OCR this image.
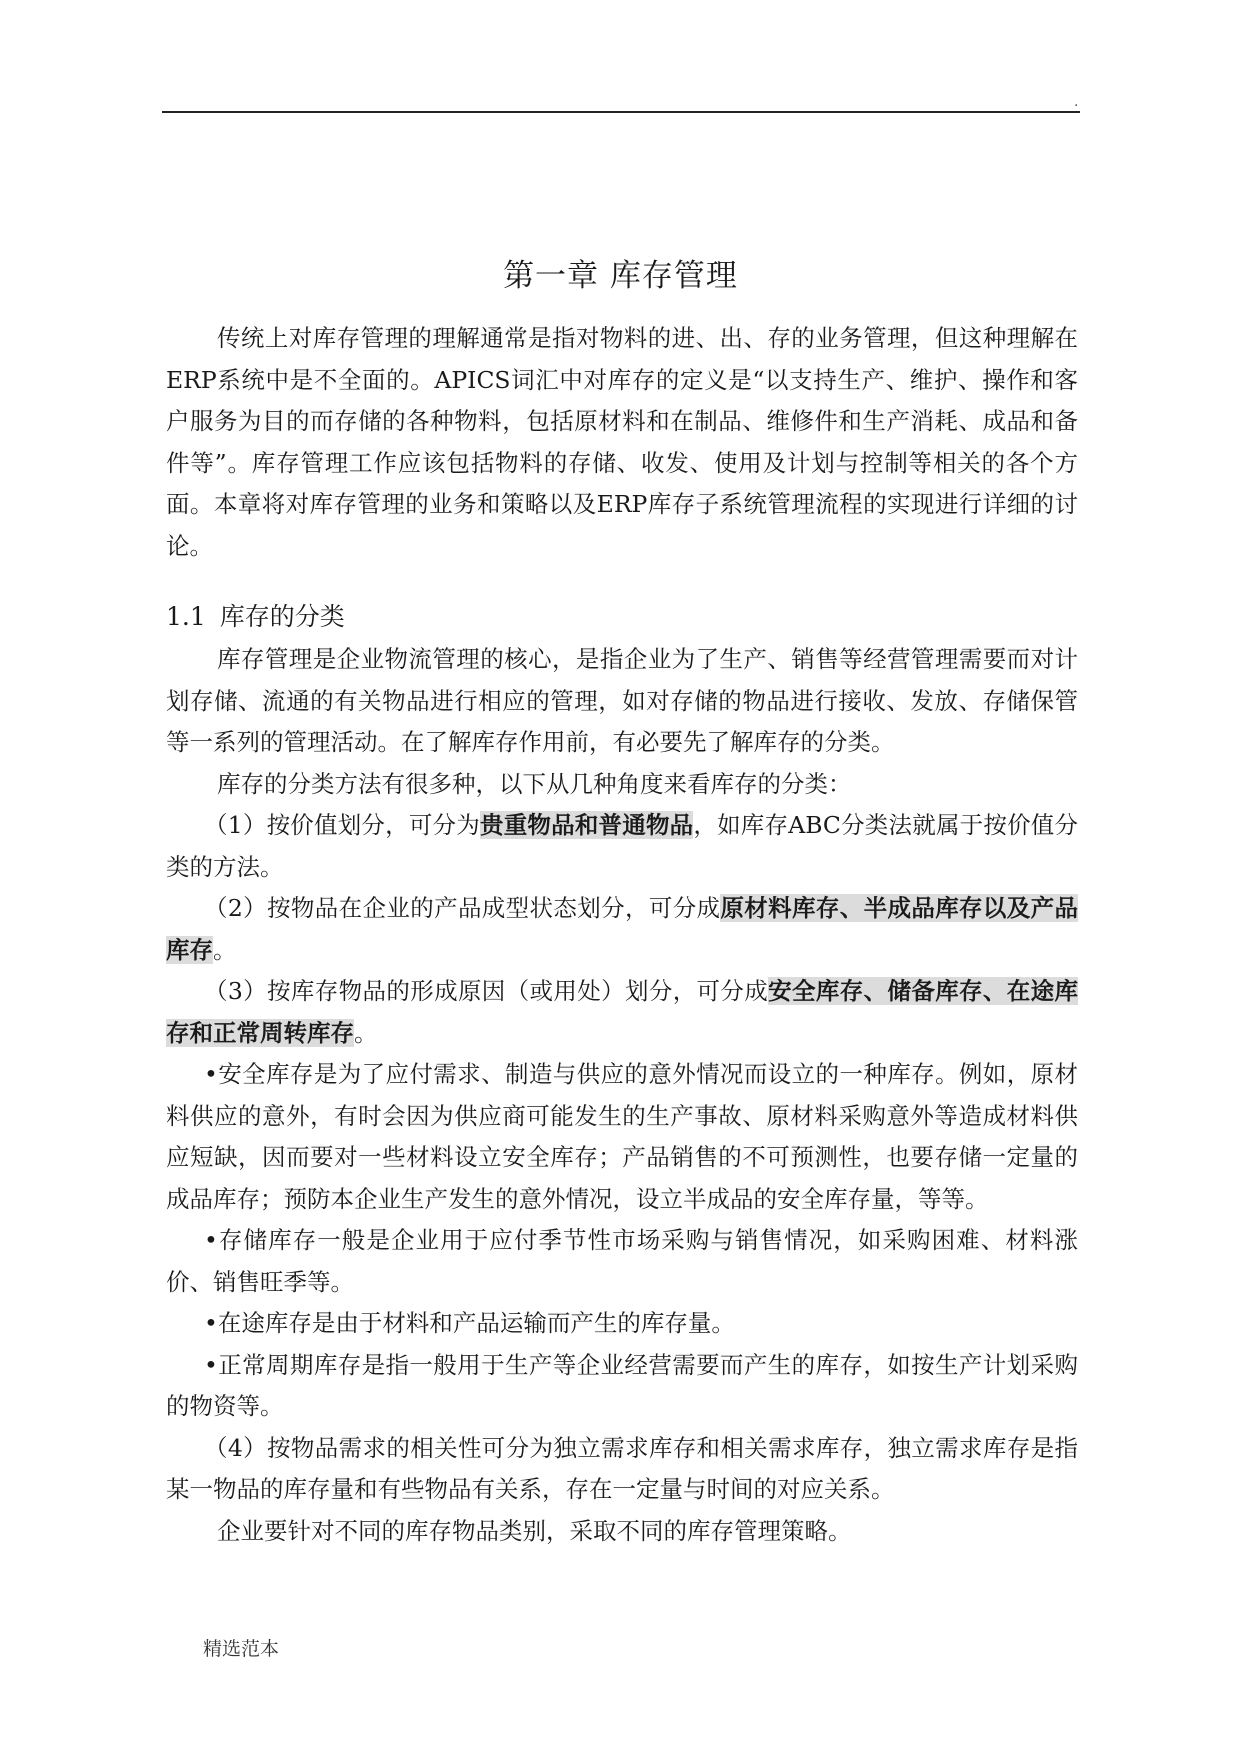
.
第一章 库存管理

传统上对库存管理的理解通常是指对物料的进、出、存的业务管理，但这种理解在ERP系统中是不全面的。APICS词汇中对库存的定义是“以支持生产、维护、操作和客户服务为目的而存储的各种物料，包括原材料和在制品、维修件和生产消耗、成品和备件等”。库存管理工作应该包括物料的存储、收发、使用及计划与控制等相关的各个方面。本章将对库存管理的业务和策略以及ERP库存子系统管理流程的实现进行详细的讨论。

1.1 库存的分类

库存管理是企业物流管理的核心，是指企业为了生产、销售等经营管理需要而对计划存储、流通的有关物品进行相应的管理，如对存储的物品进行接收、发放、存储保管等一系列的管理活动。在了解库存作用前，有必要先了解库存的分类。

库存的分类方法有很多种，以下从几种角度来看库存的分类：

（1）按价值划分，可分为贵重物品和普通物品，如库存ABC分类法就属于按价值分类的方法。

（2）按物品在企业的产品成型状态划分，可分成原材料库存、半成品库存以及产品库存。

（3）按库存物品的形成原因（或用处）划分，可分成安全库存、储备库存、在途库存和正常周转库存。

•安全库存是为了应付需求、制造与供应的意外情况而设立的一种库存。例如，原材料供应的意外，有时会因为供应商可能发生的生产事故、原材料采购意外等造成材料供应短缺，因而要对一些材料设立安全库存；产品销售的不可预测性，也要存储一定量的成品库存；预防本企业生产发生的意外情况，设立半成品的安全库存量，等等。

•存储库存一般是企业用于应付季节性市场采购与销售情况，如采购困难、材料涨价、销售旺季等。

•在途库存是由于材料和产品运输而产生的库存量。

•正常周期库存是指一般用于生产等企业经营需要而产生的库存，如按生产计划采购的物资等。

（4）按物品需求的相关性可分为独立需求库存和相关需求库存，独立需求库存是指某一物品的库存量和有些物品有关系，存在一定量与时间的对应关系。

企业要针对不同的库存物品类别，采取不同的库存管理策略。

精选范本
